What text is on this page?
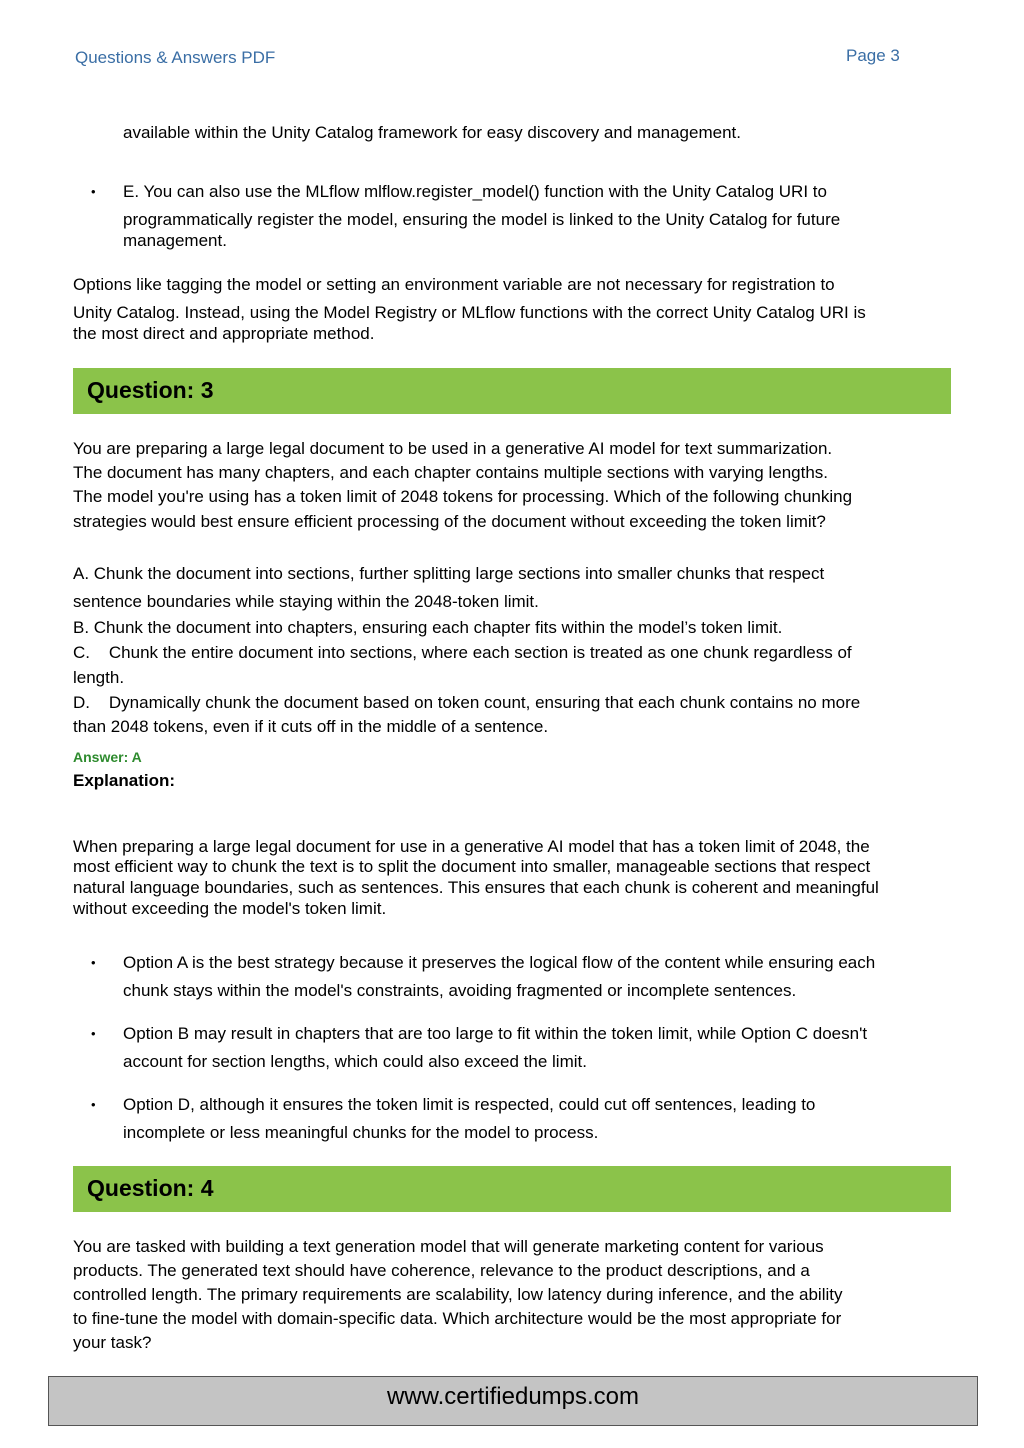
Questions & Answers PDF	Page 3
available within the Unity Catalog framework for easy discovery and management.
• E. You can also use the MLflow mlflow.register_model() function with the Unity Catalog URI to
programmatically register the model, ensuring the model is linked to the Unity Catalog for future
management.
Options like tagging the model or setting an environment variable are not necessary for registration to
Unity Catalog. Instead, using the Model Registry or MLflow functions with the correct Unity Catalog URI is
the most direct and appropriate method.
Question: 3
You are preparing a large legal document to be used in a generative AI model for text summarization.
The document has many chapters, and each chapter contains multiple sections with varying lengths.
The model you're using has a token limit of 2048 tokens for processing. Which of the following chunking
strategies would best ensure efficient processing of the document without exceeding the token limit?
A. Chunk the document into sections, further splitting large sections into smaller chunks that respect
sentence boundaries while staying within the 2048-token limit.
B. Chunk the document into chapters, ensuring each chapter fits within the model’s token limit.
C.    Chunk the entire document into sections, where each section is treated as one chunk regardless of
length.
D.    Dynamically chunk the document based on token count, ensuring that each chunk contains no more
than 2048 tokens, even if it cuts off in the middle of a sentence.
Answer: A
Explanation:
When preparing a large legal document for use in a generative AI model that has a token limit of 2048, the
most efficient way to chunk the text is to split the document into smaller, manageable sections that respect
natural language boundaries, such as sentences. This ensures that each chunk is coherent and meaningful
without exceeding the model's token limit.
• Option A is the best strategy because it preserves the logical flow of the content while ensuring each
chunk stays within the model's constraints, avoiding fragmented or incomplete sentences.
• Option B may result in chapters that are too large to fit within the token limit, while Option C doesn't
account for section lengths, which could also exceed the limit.
• Option D, although it ensures the token limit is respected, could cut off sentences, leading to
incomplete or less meaningful chunks for the model to process.
Question: 4
You are tasked with building a text generation model that will generate marketing content for various
products. The generated text should have coherence, relevance to the product descriptions, and a
controlled length. The primary requirements are scalability, low latency during inference, and the ability
to fine-tune the model with domain-specific data. Which architecture would be the most appropriate for
your task?
www.certifiedumps.com
